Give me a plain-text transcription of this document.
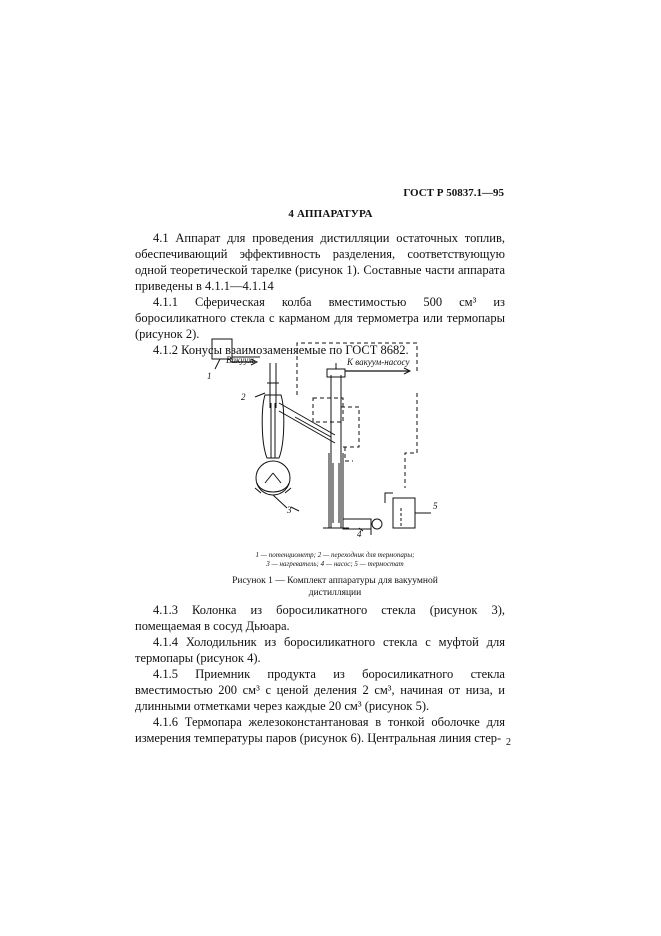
ГОСТ Р 50837.1—95
4 АППАРАТУРА

4.1 Аппарат для проведения дистилляции остаточных топлив, обеспечивающий эффективность разделения, соответствующую одной теоретической тарелке (рисунок 1). Составные части аппарата приведены в 4.1.1—4.1.14

4.1.1 Сферическая колба вместимостью 500 см³ из боросиликатного стекла с карманом для термометра или термопары (рисунок 2).

4.1.2 Конусы взаимозаменяемые по ГОСТ 8682.

Вакуум	К вакуум-насосу
1
2
3
4
5
1 — потенциометр; 2 — переходник для термопары;
3 — нагреватель; 4 — насос; 5 — термостат
Рисунок 1 — Комплект аппаратуры для вакуумной дистилляции

4.1.3 Колонка из боросиликатного стекла (рисунок 3), помещаемая в сосуд Дьюара.

4.1.4 Холодильник из боросиликатного стекла с муфтой для термопары (рисунок 4).

4.1.5 Приемник продукта из боросиликатного стекла вместимостью 200 см³ с ценой деления 2 см³, начиная от низа, и длинными отметками через каждые 20 см³ (рисунок 5).

4.1.6 Термопара железоконстантановая в тонкой оболочке для измерения температуры паров (рисунок 6). Центральная линия стер- 2
